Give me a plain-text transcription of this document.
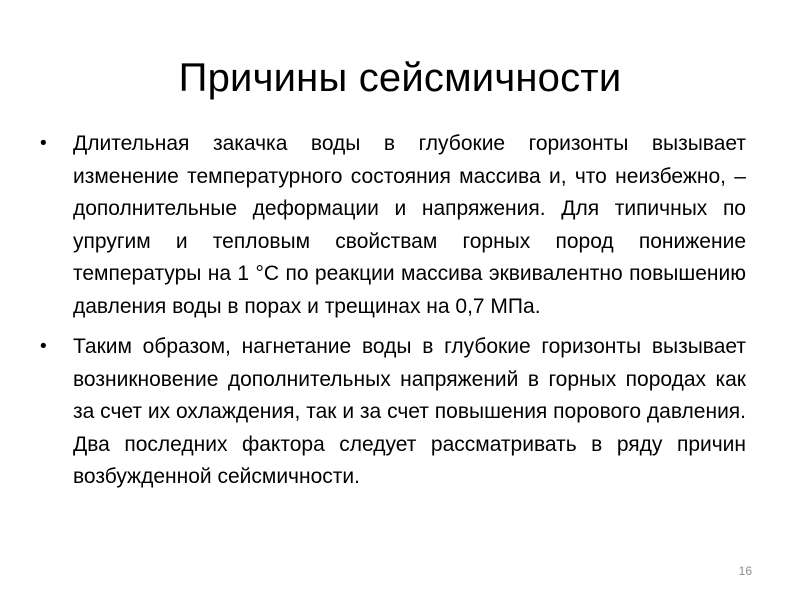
Причины сейсмичности
• Длительная закачка воды в глубокие горизонты вызывает изменение температурного состояния массива и, что неизбежно, – дополнительные деформации и напряжения. Для типичных по упругим и тепловым свойствам горных пород понижение температуры на 1 °С по реакции массива эквивалентно повышению давления воды в порах и трещинах на 0,7 МПа.
• Таким образом, нагнетание воды в глубокие горизонты вызывает возникновение дополнительных напряжений в горных породах как за счет их охлаждения, так и за счет повышения порового давления. Два последних фактора следует рассматривать в ряду причин возбужденной сейсмичности.
16
